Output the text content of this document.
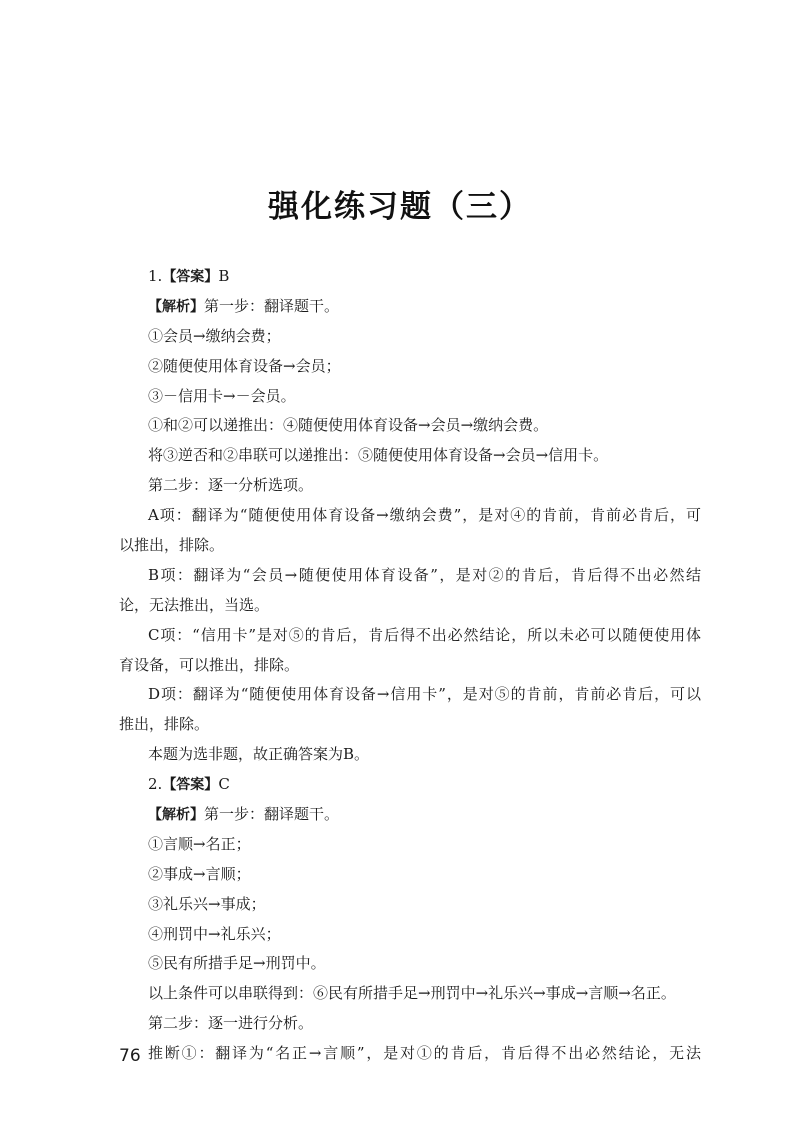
强化练习题（三）
1.【答案】B
【解析】第一步：翻译题干。
①会员→缴纳会费；
②随便使用体育设备→会员；
③－信用卡→－会员。
①和②可以递推出：④随便使用体育设备→会员→缴纳会费。
将③逆否和②串联可以递推出：⑤随便使用体育设备→会员→信用卡。
第二步：逐一分析选项。
A项：翻译为“随便使用体育设备→缴纳会费”，是对④的肯前，肯前必肯后，可
以推出，排除。
B项：翻译为“会员→随便使用体育设备”，是对②的肯后，肯后得不出必然结
论，无法推出，当选。
C项：“信用卡”是对⑤的肯后，肯后得不出必然结论，所以未必可以随便使用体
育设备，可以推出，排除。
D项：翻译为“随便使用体育设备→信用卡”，是对⑤的肯前，肯前必肯后，可以
推出，排除。
本题为选非题，故正确答案为B。
2.【答案】C
【解析】第一步：翻译题干。
①言顺→名正；
②事成→言顺；
③礼乐兴→事成；
④刑罚中→礼乐兴；
⑤民有所措手足→刑罚中。
以上条件可以串联得到：⑥民有所措手足→刑罚中→礼乐兴→事成→言顺→名正。
第二步：逐一进行分析。
推断①：翻译为“名正→言顺”，是对①的肯后，肯后得不出必然结论，无法
76
